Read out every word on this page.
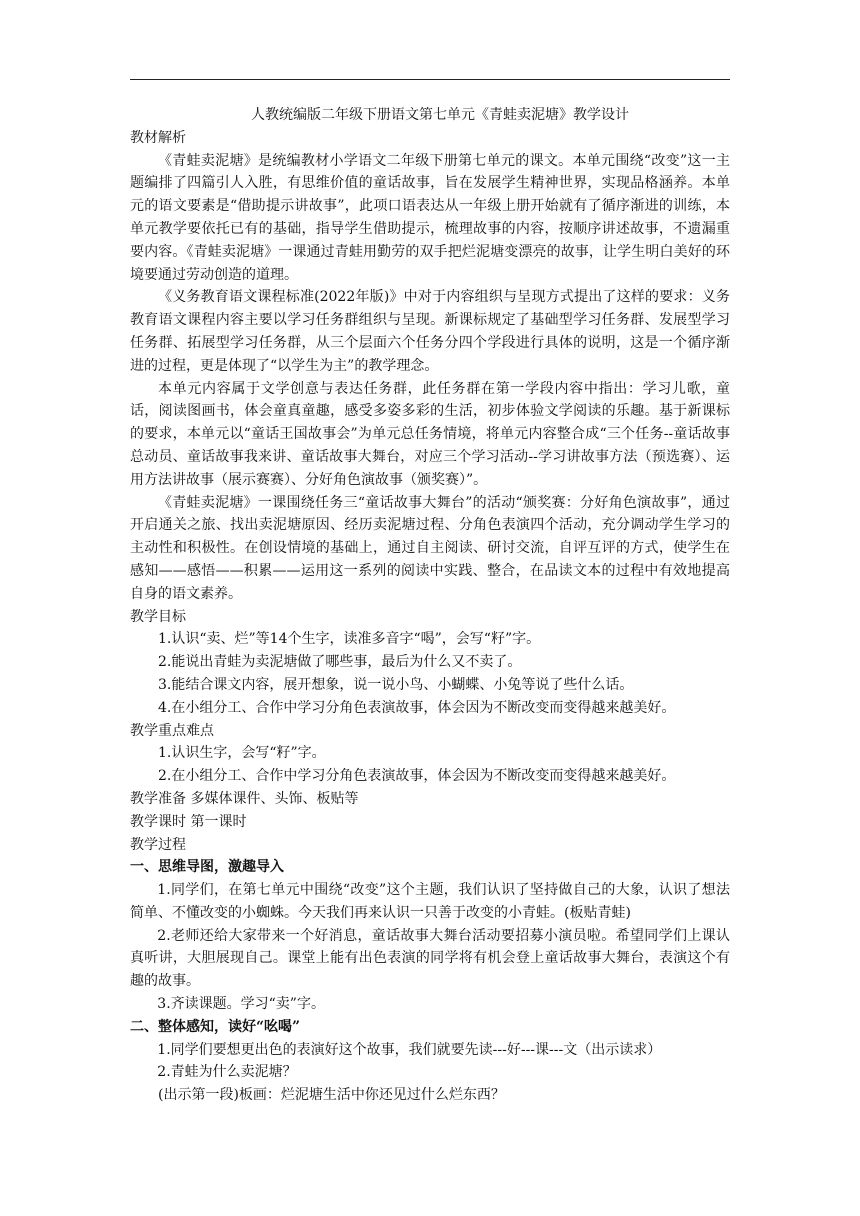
人教统编版二年级下册语文第七单元《青蛙卖泥塘》教学设计
教材解析
《青蛙卖泥塘》是统编教材小学语文二年级下册第七单元的课文。本单元围绕“改变”这一主题编排了四篇引人入胜，有思维价值的童话故事，旨在发展学生精神世界，实现品格涵养。本单元的语文要素是“借助提示讲故事”，此项口语表达从一年级上册开始就有了循序渐进的训练，本单元教学要依托已有的基础，指导学生借助提示，梳理故事的内容，按顺序讲述故事，不遗漏重要内容。《青蛙卖泥塘》一课通过青蛙用勤劳的双手把烂泥塘变漂亮的故事，让学生明白美好的环境要通过劳动创造的道理。
《义务教育语文课程标准(2022年版)》中对于内容组织与呈现方式提出了这样的要求：义务教育语文课程内容主要以学习任务群组织与呈现。新课标规定了基础型学习任务群、发展型学习任务群、拓展型学习任务群，从三个层面六个任务分四个学段进行具体的说明，这是一个循序渐进的过程，更是体现了“以学生为主”的教学理念。
本单元内容属于文学创意与表达任务群，此任务群在第一学段内容中指出：学习儿歌，童话，阅读图画书，体会童真童趣，感受多姿多彩的生活，初步体验文学阅读的乐趣。基于新课标的要求，本单元以“童话王国故事会”为单元总任务情境，将单元内容整合成“三个任务--童话故事总动员、童话故事我来讲、童话故事大舞台，对应三个学习活动--学习讲故事方法（预选赛）、运用方法讲故事（展示赛赛）、分好角色演故事（颁奖赛）”。
《青蛙卖泥塘》一课围绕任务三“童话故事大舞台”的活动“颁奖赛：分好角色演故事”，通过开启通关之旅、找出卖泥塘原因、经历卖泥塘过程、分角色表演四个活动，充分调动学生学习的主动性和积极性。在创设情境的基础上，通过自主阅读、研讨交流，自评互评的方式，使学生在感知——感悟——积累——运用这一系列的阅读中实践、整合，在品读文本的过程中有效地提高自身的语文素养。
教学目标
1.认识“卖、烂”等14个生字，读准多音字“喝”，会写“籽”字。
2.能说出青蛙为卖泥塘做了哪些事，最后为什么又不卖了。
3.能结合课文内容，展开想象，说一说小鸟、小蝴蝶、小兔等说了些什么话。
4.在小组分工、合作中学习分角色表演故事，体会因为不断改变而变得越来越美好。
教学重点难点
1.认识生字，会写“籽”字。
2.在小组分工、合作中学习分角色表演故事，体会因为不断改变而变得越来越美好。
教学准备 多媒体课件、头饰、板贴等
教学课时 第一课时
教学过程
一、思维导图，激趣导入
1.同学们，在第七单元中围绕“改变”这个主题，我们认识了坚持做自己的大象，认识了想法简单、不懂改变的小蜘蛛。今天我们再来认识一只善于改变的小青蛙。(板贴青蛙)
2.老师还给大家带来一个好消息，童话故事大舞台活动要招募小演员啦。希望同学们上课认真听讲，大胆展现自己。课堂上能有出色表演的同学将有机会登上童话故事大舞台，表演这个有趣的故事。
3.齐读课题。学习“卖”字。
二、整体感知，读好“吆喝”
1.同学们要想更出色的表演好这个故事，我们就要先读---好---课---文（出示读求）
2.青蛙为什么卖泥塘？
(出示第一段)板画：烂泥塘生活中你还见过什么烂东西？
